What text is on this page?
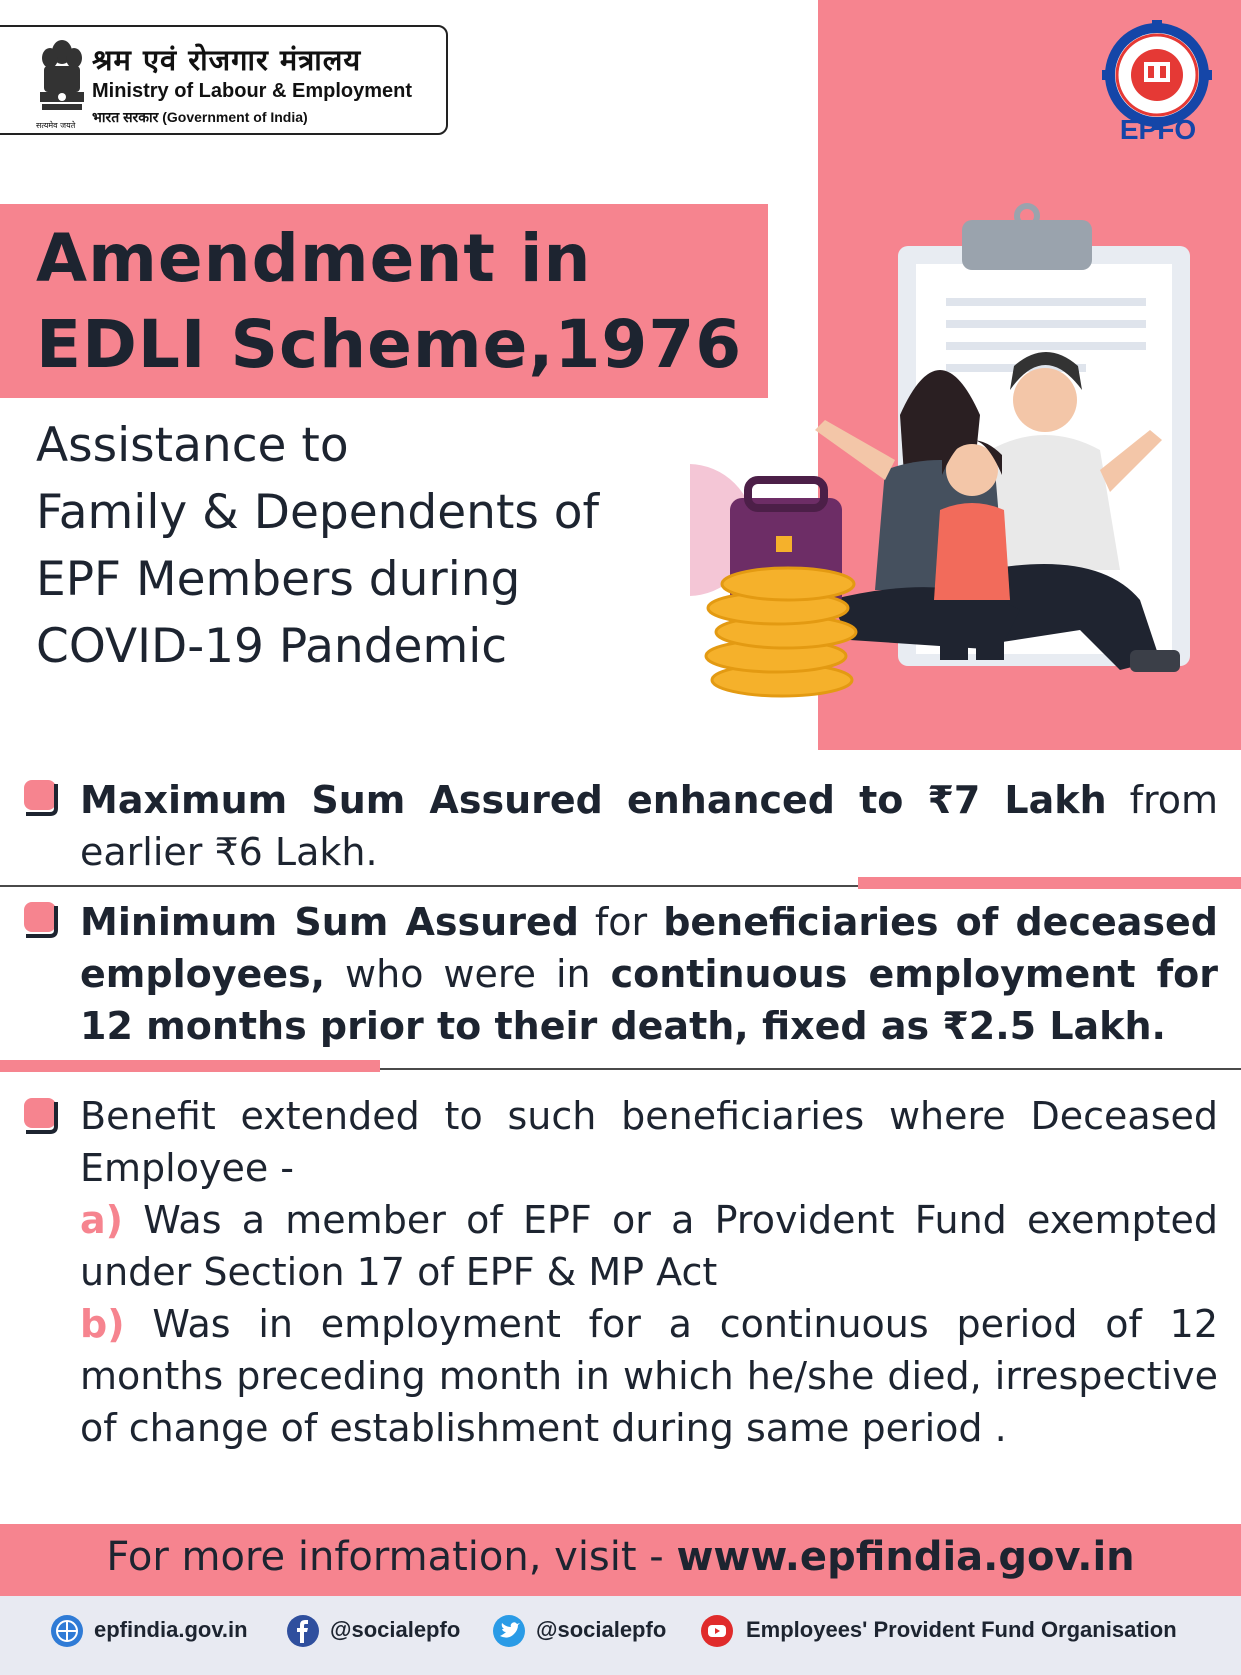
श्रम एवं रोजगार मंत्रालय
Ministry of Labour & Employment
भारत सरकार (Government of India)
सत्यमेव जयते	EPFO
Amendment in
EDLI Scheme,1976
Assistance to
Family & Dependents of
EPF Members during
COVID-19 Pandemic
Maximum Sum Assured enhanced to ₹7 Lakh from earlier ₹6 Lakh.
Minimum Sum Assured for beneficiaries of deceased employees, who were in continuous employment for 12 months prior to their death, fixed as ₹2.5 Lakh.
Benefit extended to such beneficiaries where Deceased Employee -
a) Was a member of EPF or a Provident Fund exempted under Section 17 of EPF & MP Act
b) Was in employment for a continuous period of 12 months preceding month in which he/she died, irrespective of change of establishment during same period .
For more information, visit - www.epfindia.gov.in
epfindia.gov.in	@socialepfo	@socialepfo	Employees' Provident Fund Organisation
